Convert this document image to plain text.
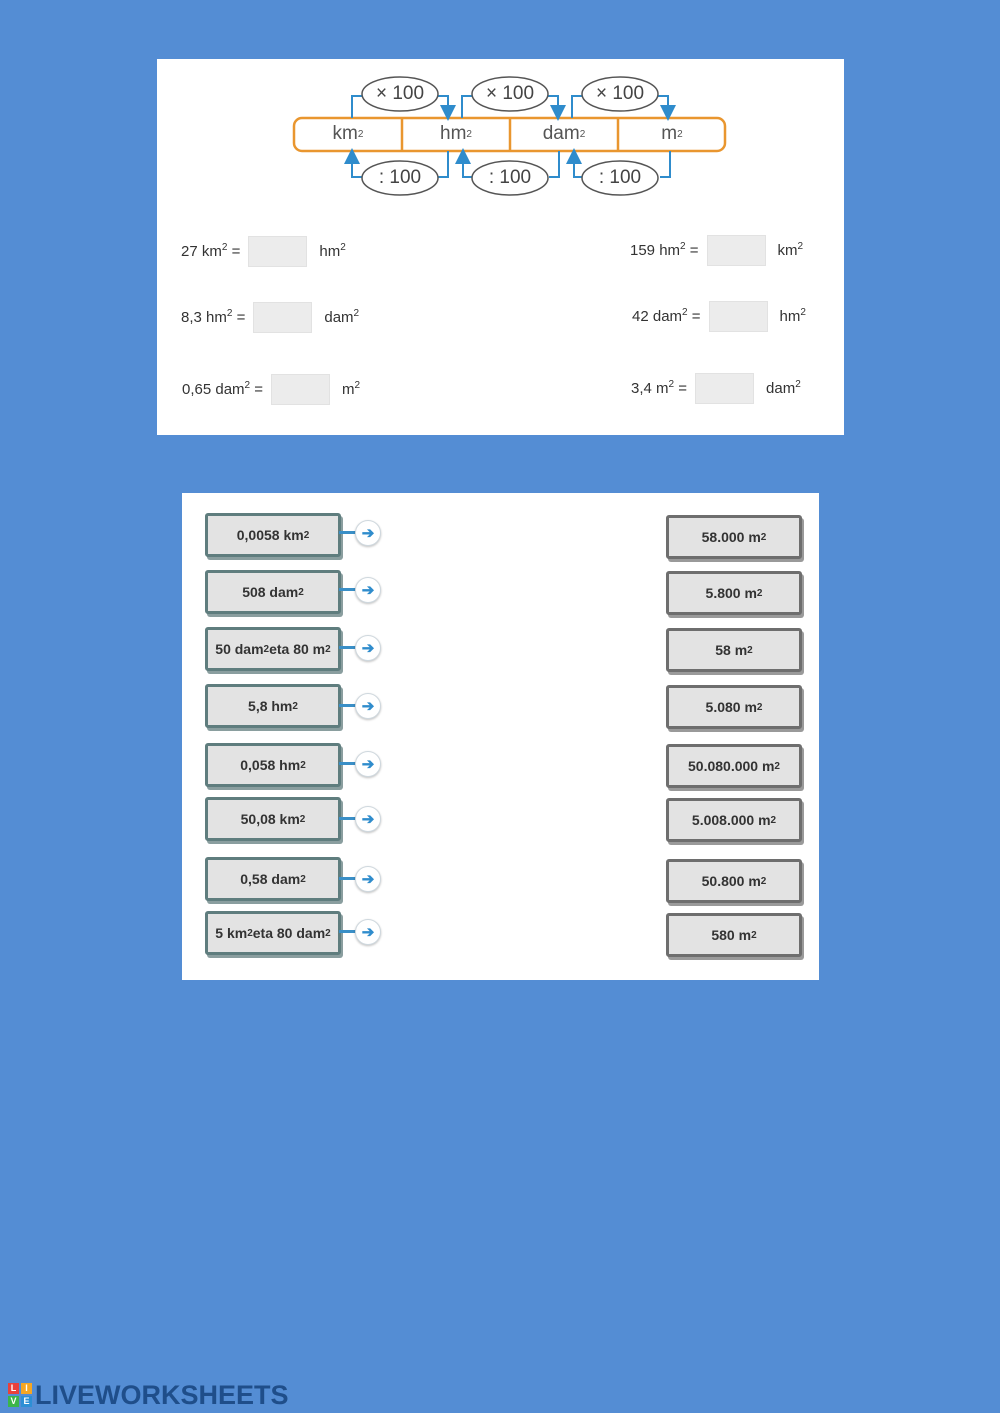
km 2	hm 2	dam 2	m 2
× 100	× 100	× 100
: 100	: 100	: 100
27 $km^2$ =	$hm^2$	159 $hm^2$ =	$km^2$
8,3 $hm^2$ =	dam$^2$	42 dam$^2$ =	$hm^2$
0,65 dam$^2$ =	$m^2$	3,4 $m^2$ =	dam$^2$
0,0058 km 2
508 dam 2
50 dam 2 eta 80 m 2
5,8 hm 2
0,058 hm 2
50,08 km 2
0,58 dam 2
5 km 2 eta 80 dam 2
➔
➔
➔
➔
➔
➔
➔
➔
58.000 m 2
5.800 m 2
58 m 2
5.080 m 2
50.080.000 m 2
5.008.000 m 2
50.800 m 2
580 m 2
L I
V E LIVEWORKSHEETS
